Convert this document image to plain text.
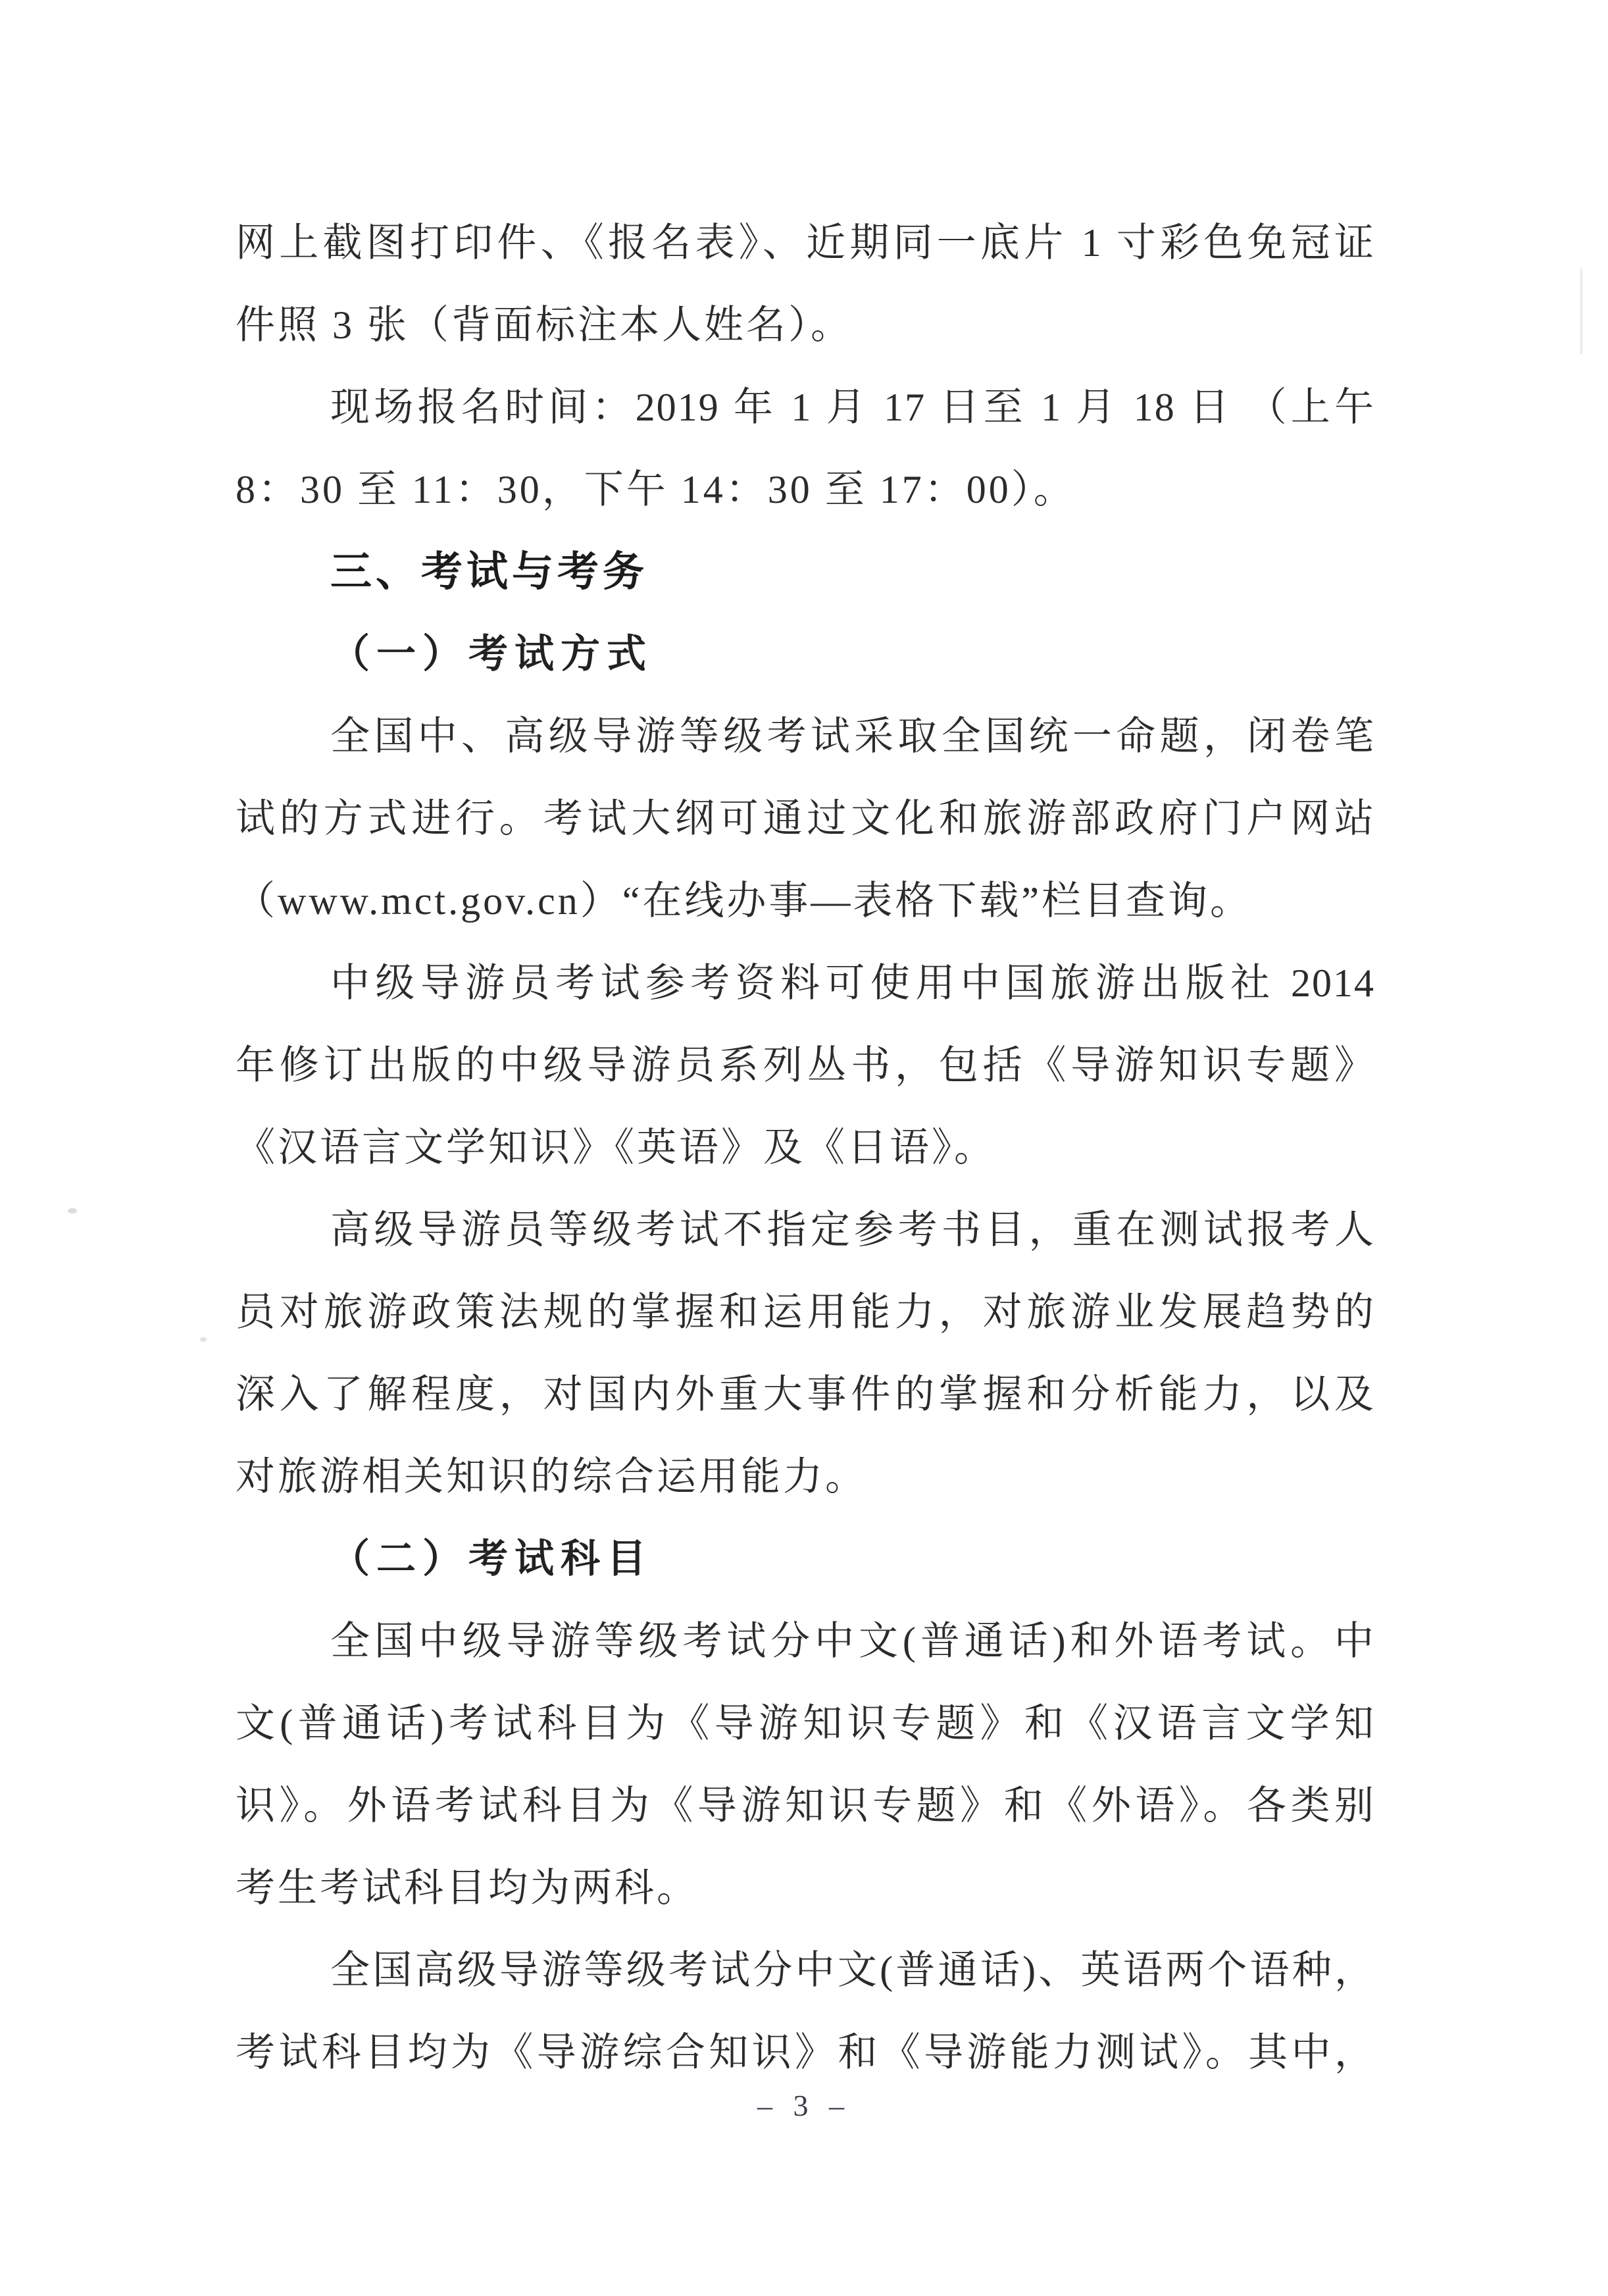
网上截图打印件、《报名表》、近期同一底片 1 寸彩色免冠证
件照 3 张（背面标注本人姓名）。
现场报名时间：2019 年 1 月 17 日至 1 月 18 日 （上午
8：30 至 11：30，下午 14：30 至 17：00）。
三、考试与考务
（一）考试方式
全国中、高级导游等级考试采取全国统一命题，闭卷笔
试的方式进行。考试大纲可通过文化和旅游部政府门户网站
（www.mct.gov.cn）“在线办事—表格下载”栏目查询。
中级导游员考试参考资料可使用中国旅游出版社 2014
年修订出版的中级导游员系列丛书，包括《导游知识专题》
《汉语言文学知识》《英语》及《日语》。
高级导游员等级考试不指定参考书目，重在测试报考人
员对旅游政策法规的掌握和运用能力，对旅游业发展趋势的
深入了解程度，对国内外重大事件的掌握和分析能力，以及
对旅游相关知识的综合运用能力。
（二）考试科目
全国中级导游等级考试分中文(普通话)和外语考试。中
文(普通话)考试科目为《导游知识专题》和《汉语言文学知
识》。外语考试科目为《导游知识专题》和《外语》。各类别
考生考试科目均为两科。
全国高级导游等级考试分中文(普通话)、英语两个语种，
考试科目均为《导游综合知识》和《导游能力测试》。其中，
– 3 –
